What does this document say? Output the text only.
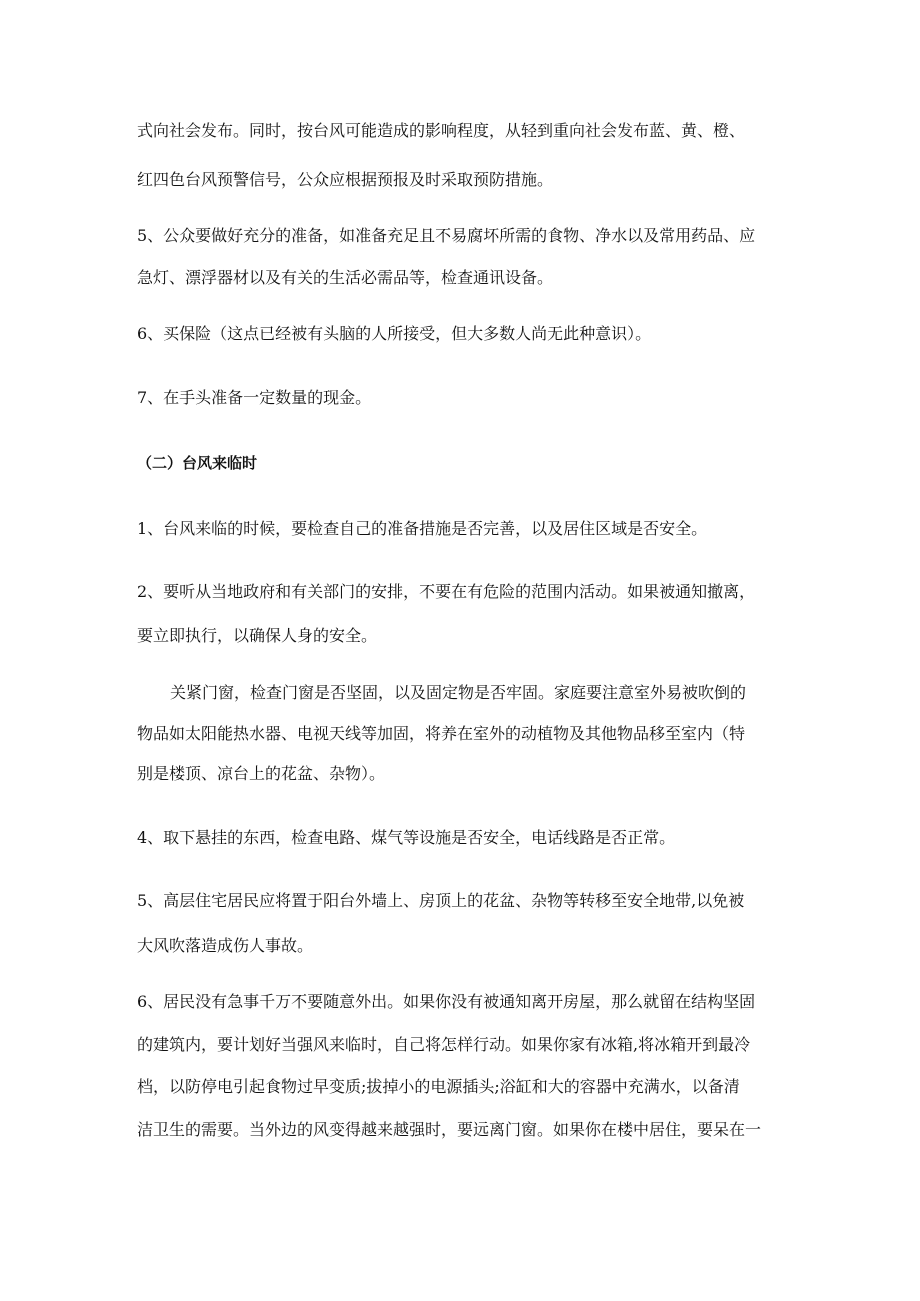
式向社会发布。同时，按台风可能造成的影响程度，从轻到重向社会发布蓝、黄、橙、
红四色台风预警信号，公众应根据预报及时采取预防措施。
5、公众要做好充分的准备，如准备充足且不易腐坏所需的食物、净水以及常用药品、应
急灯、漂浮器材以及有关的生活必需品等，检查通讯设备。
6、买保险（这点已经被有头脑的人所接受，但大多数人尚无此种意识）。
7、在手头准备一定数量的现金。
（二）台风来临时
1、台风来临的时候，要检查自己的准备措施是否完善，以及居住区域是否安全。
2、要听从当地政府和有关部门的安排，不要在有危险的范围内活动。如果被通知撤离，
要立即执行，以确保人身的安全。
关紧门窗，检查门窗是否坚固，以及固定物是否牢固。家庭要注意室外易被吹倒的
物品如太阳能热水器、电视天线等加固，将养在室外的动植物及其他物品移至室内（特
别是楼顶、凉台上的花盆、杂物）。
4、取下悬挂的东西，检查电路、煤气等设施是否安全，电话线路是否正常。
5、高层住宅居民应将置于阳台外墙上、房顶上的花盆、杂物等转移至安全地带,以免被
大风吹落造成伤人事故。
6、居民没有急事千万不要随意外出。如果你没有被通知离开房屋，那么就留在结构坚固
的建筑内，要计划好当强风来临时，自己将怎样行动。如果你家有冰箱,将冰箱开到最冷
档，以防停电引起食物过早变质;拔掉小的电源插头;浴缸和大的容器中充满水，以备清
洁卫生的需要。当外边的风变得越来越强时，要远离门窗。如果你在楼中居住，要呆在一
